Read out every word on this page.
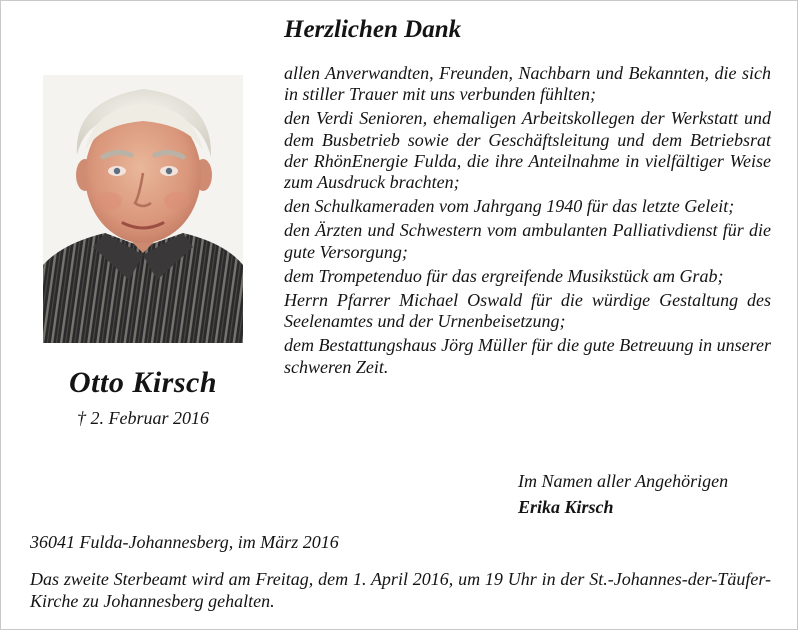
Otto Kirsch
† 2. Februar 2016
Herzlichen Dank
allen Anverwandten, Freunden, Nachbarn und Bekannten, die sich in stiller Trauer mit uns verbunden fühlten;
den Verdi Senioren, ehemaligen Arbeitskollegen der Werkstatt und dem Busbetrieb sowie der Geschäftsleitung und dem Betriebsrat der RhönEnergie Fulda, die ihre Anteilnahme in vielfältiger Weise zum Ausdruck brachten;
den Schulkameraden vom Jahrgang 1940 für das letzte Geleit;
den Ärzten und Schwestern vom ambulanten Palliativdienst für die gute Versorgung;
dem Trompetenduo für das ergreifende Musikstück am Grab;
Herrn Pfarrer Michael Oswald für die würdige Gestaltung des Seelenamtes und der Urnenbeisetzung;
dem Bestattungshaus Jörg Müller für die gute Betreuung in unserer schweren Zeit.
Im Namen aller Angehörigen
Erika Kirsch
36041 Fulda-Johannesberg, im März 2016
Das zweite Sterbeamt wird am Freitag, dem 1. April 2016, um 19 Uhr in der St.-Johannes-der-Täufer-Kirche zu Johannesberg gehalten.
